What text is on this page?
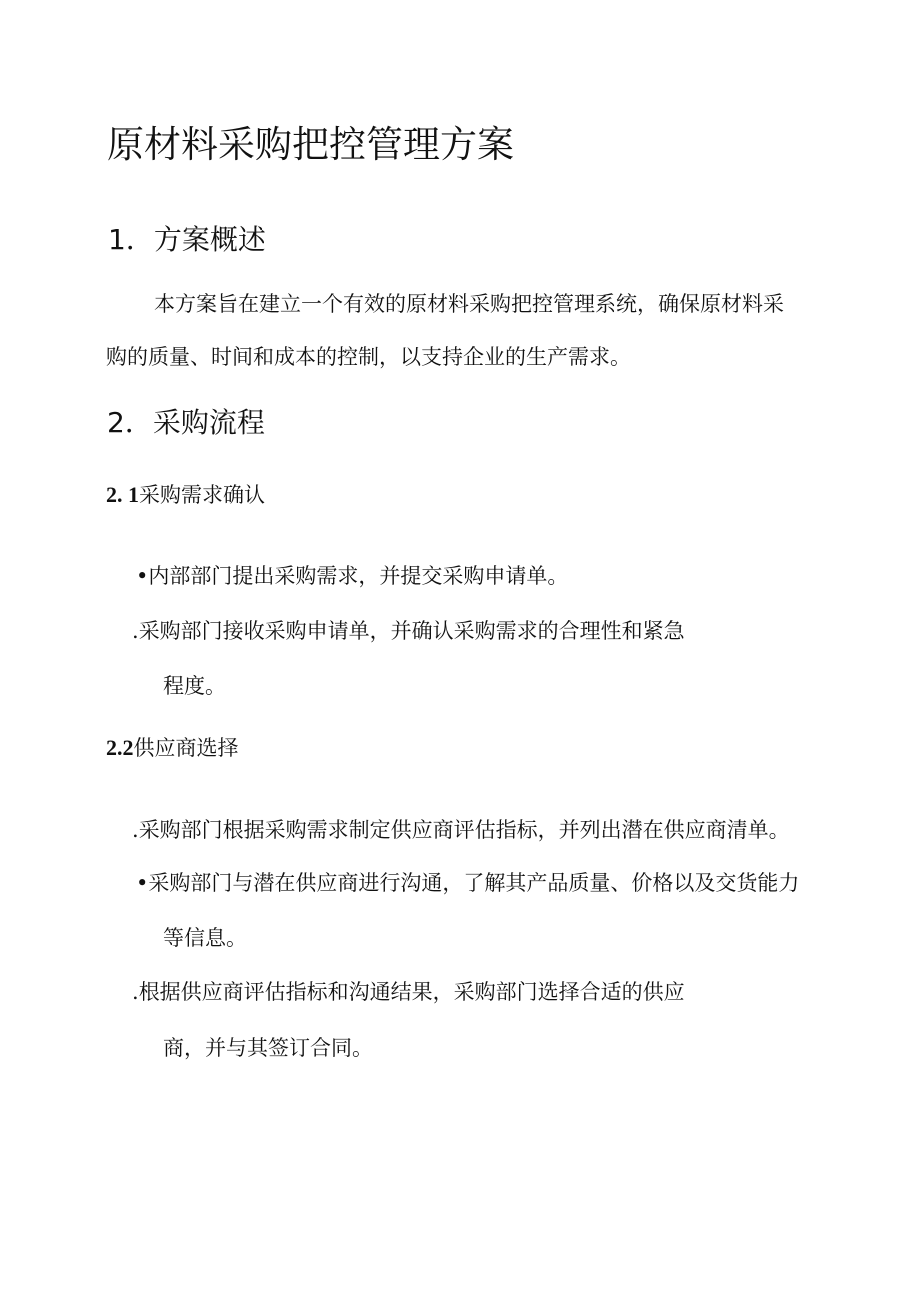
原材料采购把控管理方案
1．方案概述
本方案旨在建立一个有效的原材料采购把控管理系统，确保原材料采
购的质量、时间和成本的控制，以支持企业的生产需求。
2．采购流程
2. 1采购需求确认
•内部部门提出采购需求，并提交采购申请单。
.采购部门接收采购申请单，并确认采购需求的合理性和紧急
程度。
2.2供应商选择
.采购部门根据采购需求制定供应商评估指标，并列出潜在供应商清单。
•采购部门与潜在供应商进行沟通，了解其产品质量、价格以及交货能力
等信息。
.根据供应商评估指标和沟通结果，采购部门选择合适的供应
商，并与其签订合同。
